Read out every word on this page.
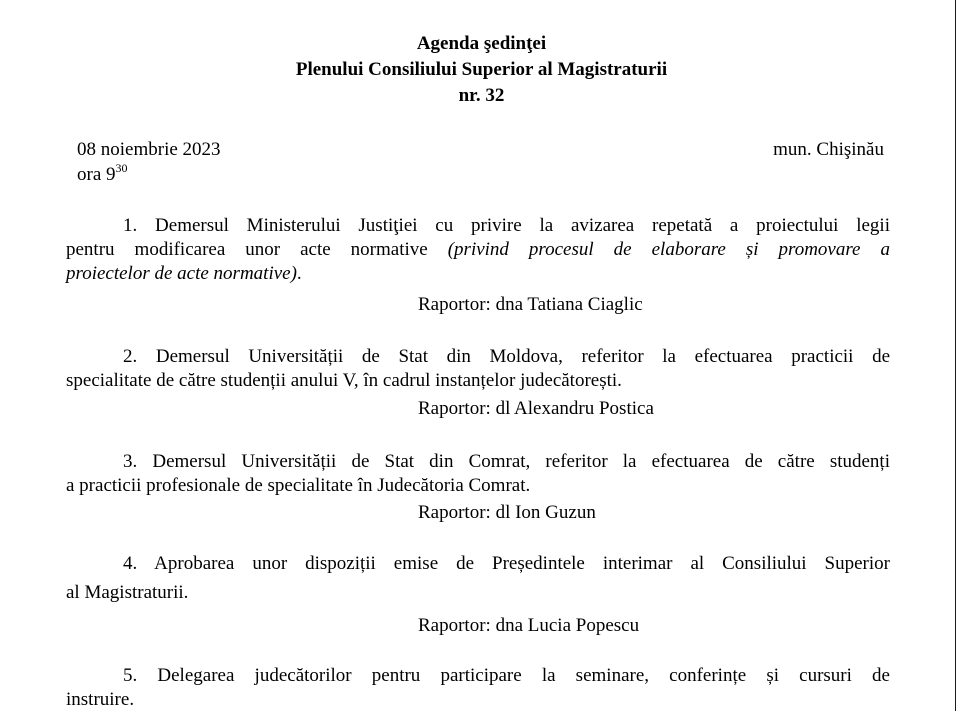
Agenda şedinţei
Plenului Consiliului Superior al Magistraturii
nr. 32
08 noiembrie 2023
ora $9^{30}$
mun. Chişinău
1. Demersul Ministerului Justiţiei cu privire la avizarea repetată a proiectului legii
pentru modificarea unor acte normative (privind procesul de elaborare și promovare a
proiectelor de acte normative).
Raportor: dna Tatiana Ciaglic
2. Demersul Universității de Stat din Moldova, referitor la efectuarea practicii de
specialitate de către studenții anului V, în cadrul instanțelor judecătorești.
Raportor: dl Alexandru Postica
3. Demersul Universității de Stat din Comrat, referitor la efectuarea de către studenți
a practicii profesionale de specialitate în Judecătoria Comrat.
Raportor: dl Ion Guzun
4. Aprobarea unor dispoziții emise de Președintele interimar al Consiliului Superior
al Magistraturii.
Raportor: dna Lucia Popescu
5. Delegarea judecătorilor pentru participare la seminare, conferințe și cursuri de
instruire.
